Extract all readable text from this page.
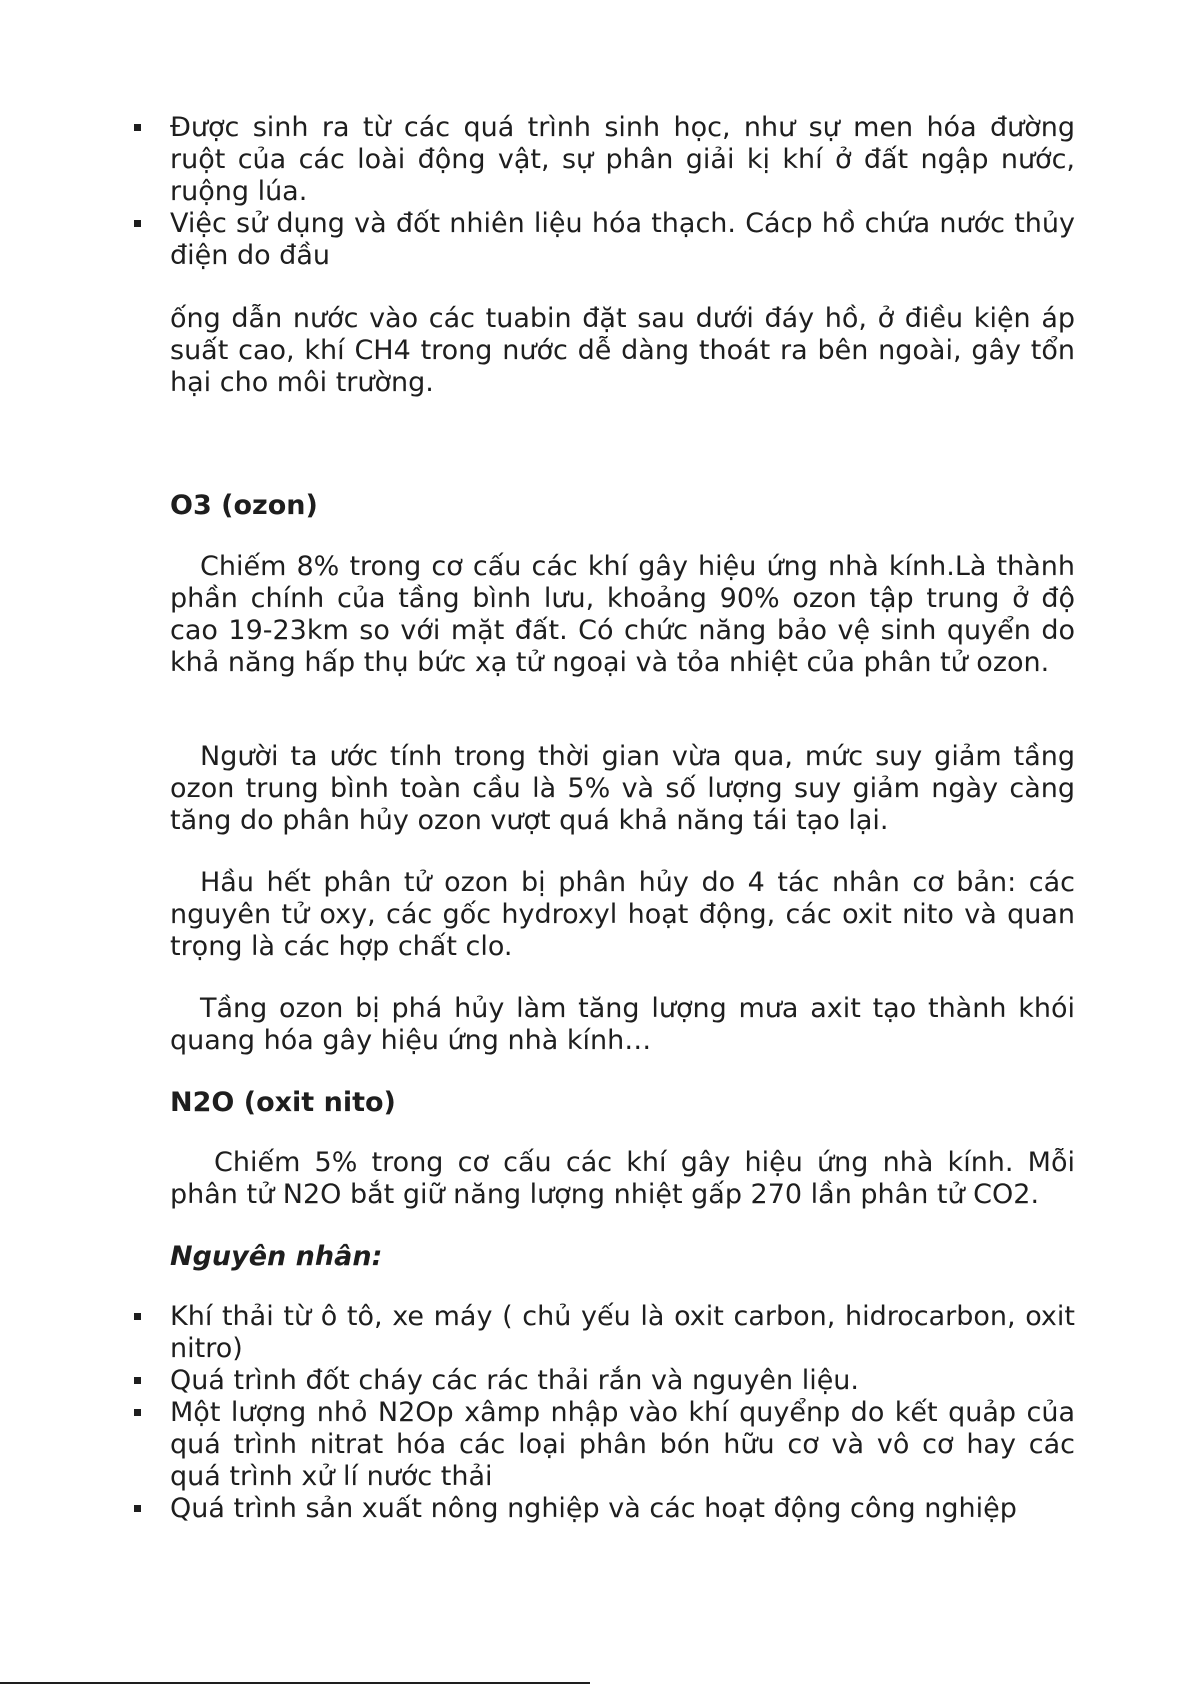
Được sinh ra từ các quá trình sinh học, như sự men hóa đường ruột của các loài động vật, sự phân giải kị khí ở đất ngập nước, ruộng lúa.
Việc sử dụng và đốt nhiên liệu hóa thạch. Cácp hồ chứa nước thủy điện do đầu

ống dẫn nước vào các tuabin đặt sau dưới đáy hồ, ở điều kiện áp suất cao, khí CH4 trong nước dễ dàng thoát ra bên ngoài, gây tổn hại cho môi trường.

O3 (ozon)

Chiếm 8% trong cơ cấu các khí gây hiệu ứng nhà kính.Là thành phần chính của tầng bình lưu, khoảng 90% ozon tập trung ở độ cao 19-23km so với mặt đất. Có chức năng bảo vệ sinh quyển do khả năng hấp thụ bức xạ tử ngoại và tỏa nhiệt của phân tử ozon.

Người ta ước tính trong thời gian vừa qua, mức suy giảm tầng ozon trung bình toàn cầu là 5% và số lượng suy giảm ngày càng tăng do phân hủy ozon vượt quá khả năng tái tạo lại.

Hầu hết phân tử ozon bị phân hủy do 4 tác nhân cơ bản: các nguyên tử oxy, các gốc hydroxyl hoạt động, các oxit nito và quan trọng là các hợp chất clo.

Tầng ozon bị phá hủy làm tăng lượng mưa axit tạo thành khói quang hóa gây hiệu ứng nhà kính…

N2O (oxit nito)

Chiếm 5% trong cơ cấu các khí gây hiệu ứng nhà kính. Mỗi phân tử N2O bắt giữ năng lượng nhiệt gấp 270 lần phân tử CO2.

Nguyên nhân:

Khí thải từ ô tô, xe máy ( chủ yếu là oxit carbon, hidrocarbon, oxit nitro)
Quá trình đốt cháy các rác thải rắn và nguyên liệu.
Một lượng nhỏ N2Op xâmp nhập vào khí quyểnp do kết quảp của quá trình nitrat hóa các loại phân bón hữu cơ và vô cơ hay các quá trình xử lí nước thải
Quá trình sản xuất nông nghiệp và các hoạt động công nghiệp
